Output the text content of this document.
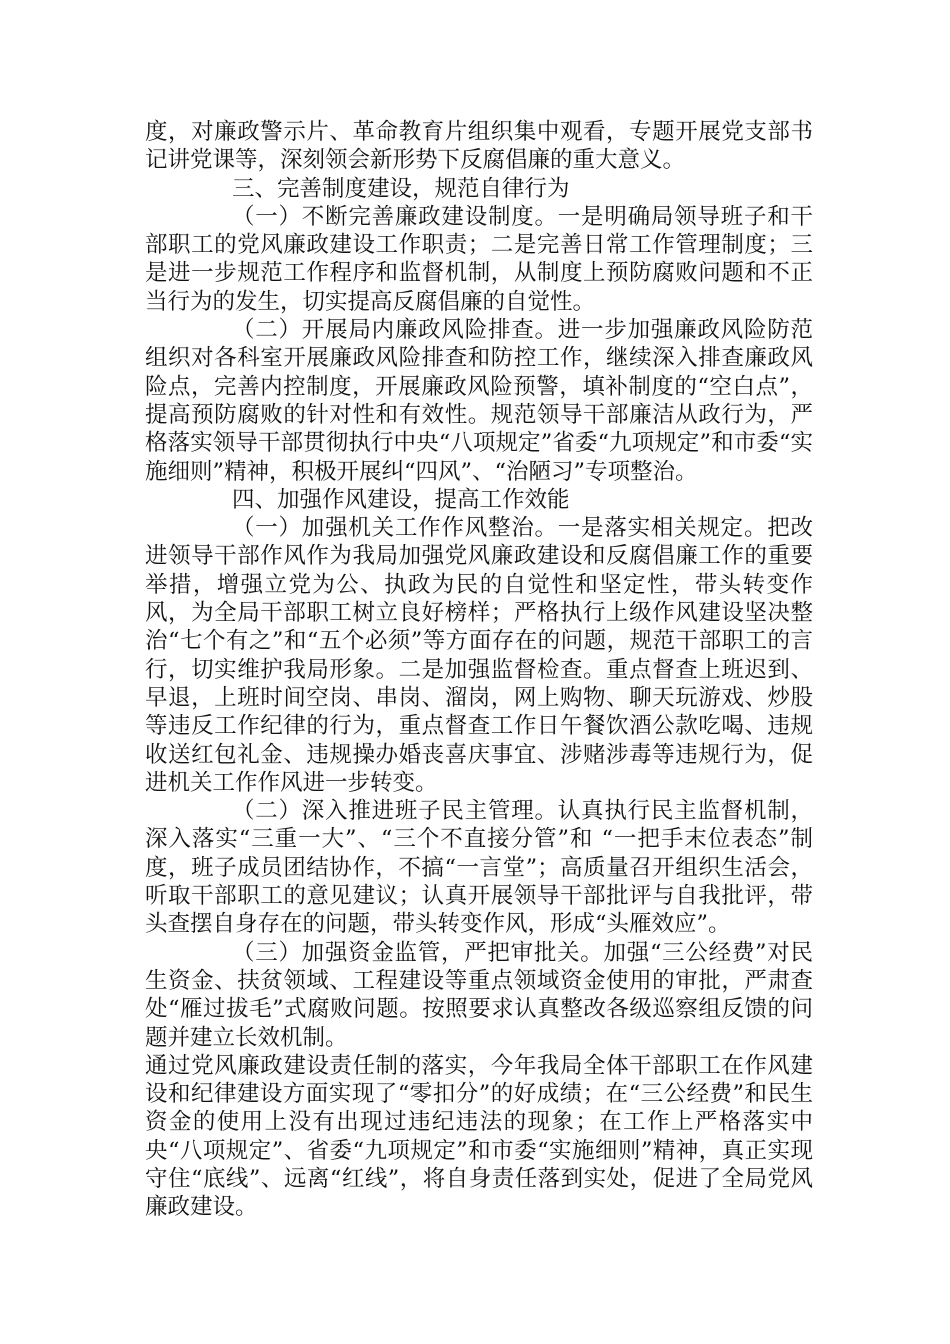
度，对廉政警示片、革命教育片组织集中观看，专题开展党支部书记讲党课等，深刻领会新形势下反腐倡廉的重大意义。

三、完善制度建设，规范自律行为

（一）不断完善廉政建设制度。一是明确局领导班子和干部职工的党风廉政建设工作职责；二是完善日常工作管理制度；三是进一步规范工作程序和监督机制，从制度上预防腐败问题和不正当行为的发生，切实提高反腐倡廉的自觉性。

（二）开展局内廉政风险排查。进一步加强廉政风险防范组织对各科室开展廉政风险排查和防控工作，继续深入排查廉政风险点，完善内控制度，开展廉政风险预警，填补制度的“空白点”，提高预防腐败的针对性和有效性。规范领导干部廉洁从政行为，严格落实领导干部贯彻执行中央“八项规定”省委“九项规定”和市委“实施细则”精神，积极开展纠“四风”、“治陋习”专项整治。

四、加强作风建设，提高工作效能

（一）加强机关工作作风整治。一是落实相关规定。把改进领导干部作风作为我局加强党风廉政建设和反腐倡廉工作的重要举措，增强立党为公、执政为民的自觉性和坚定性，带头转变作风，为全局干部职工树立良好榜样；严格执行上级作风建设坚决整治“七个有之”和“五个必须”等方面存在的问题，规范干部职工的言行，切实维护我局形象。二是加强监督检查。重点督查上班迟到、早退，上班时间空岗、串岗、溜岗，网上购物、聊天玩游戏、炒股等违反工作纪律的行为，重点督查工作日午餐饮酒公款吃喝、违规收送红包礼金、违规操办婚丧喜庆事宜、涉赌涉毒等违规行为，促进机关工作作风进一步转变。

（二）深入推进班子民主管理。认真执行民主监督机制，深入落实“三重一大”、“三个不直接分管”和 “一把手末位表态”制度，班子成员团结协作，不搞“一言堂”；高质量召开组织生活会，听取干部职工的意见建议；认真开展领导干部批评与自我批评，带头查摆自身存在的问题，带头转变作风，形成“头雁效应”。

（三）加强资金监管，严把审批关。加强“三公经费”对民生资金、扶贫领域、工程建设等重点领域资金使用的审批，严肃查处“雁过拔毛”式腐败问题。按照要求认真整改各级巡察组反馈的问题并建立长效机制。

通过党风廉政建设责任制的落实，今年我局全体干部职工在作风建设和纪律建设方面实现了“零扣分”的好成绩；在“三公经费”和民生资金的使用上没有出现过违纪违法的现象；在工作上严格落实中央“八项规定”、省委“九项规定”和市委“实施细则”精神，真正实现守住“底线”、远离“红线”，将自身责任落到实处，促进了全局党风廉政建设。
